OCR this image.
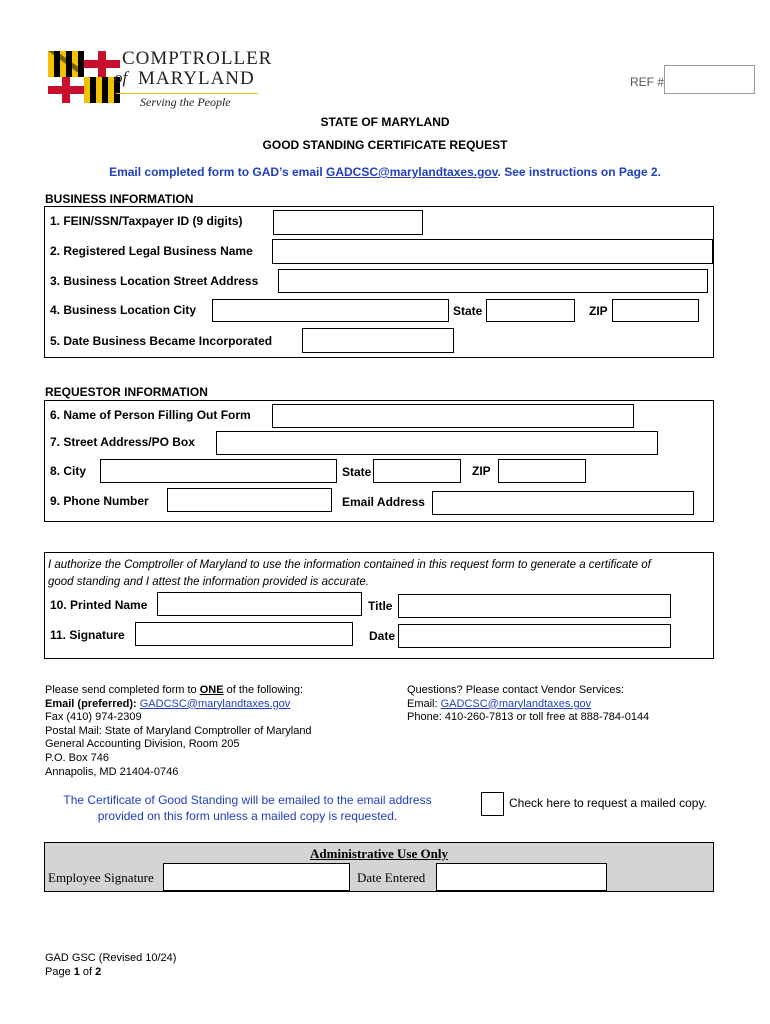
COMPTROLLER
of MARYLAND
Serving the People
REF #
STATE OF MARYLAND
GOOD STANDING CERTIFICATE REQUEST
Email completed form to GAD’s email GADCSC@marylandtaxes.gov. See instructions on Page 2.
BUSINESS INFORMATION
1. FEIN/SSN/Taxpayer ID (9 digits)
2. Registered Legal Business Name
3. Business Location Street Address
4. Business Location City	State	ZIP
5. Date Business Became Incorporated
REQUESTOR INFORMATION
6. Name of Person Filling Out Form
7. Street Address/PO Box
8. City	State	ZIP
9. Phone Number	Email Address
I authorize the Comptroller of Maryland to use the information contained in this request form to generate a certificate of
good standing and I attest the information provided is accurate.
10. Printed Name	Title
11. Signature	Date
Please send completed form to ONE of the following:
Email (preferred): GADCSC@marylandtaxes.gov
Fax (410) 974-2309
Postal Mail: State of Maryland Comptroller of Maryland
General Accounting Division, Room 205
P.O. Box 746
Annapolis, MD 21404-0746
Questions? Please contact Vendor Services:
Email: GADCSC@marylandtaxes.gov
Phone: 410-260-7813 or toll free at 888-784-0144
The Certificate of Good Standing will be emailed to the email address
provided on this form unless a mailed copy is requested.
Check here to request a mailed copy.
Administrative Use Only
Employee Signature	Date Entered
GAD GSC (Revised 10/24)
Page 1 of 2
